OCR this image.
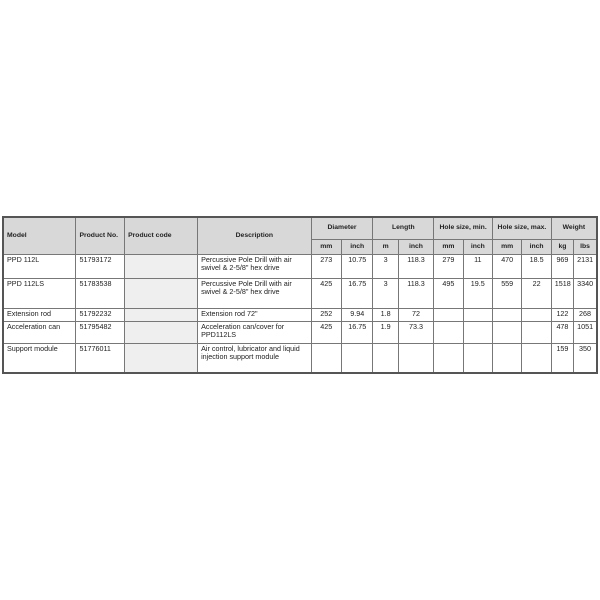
Model	Product No.	Product code	Description	Diameter		Length		Hole size, min.		Hole size, max.		Weight	
				mm	inch	m	inch	mm	inch	mm	inch	kg	lbs
PPD 112L	51793172		Percussive Pole Drill with air swivel & 2-5/8" hex drive	273	10.75	3	118.3	279	11	470	18.5	969	2131
PPD 112LS	51783538		Percussive Pole Drill with air swivel & 2-5/8" hex drive	425	16.75	3	118.3	495	19.5	559	22	1518	3340
Extension rod	51792232		Extension rod 72"	252	9.94	1.8	72					122	268
Acceleration can	51795482		Acceleration can/cover for PPD112LS	425	16.75	1.9	73.3					478	1051
Support module	51776011		Air control, lubricator and liquid injection support module									159	350
